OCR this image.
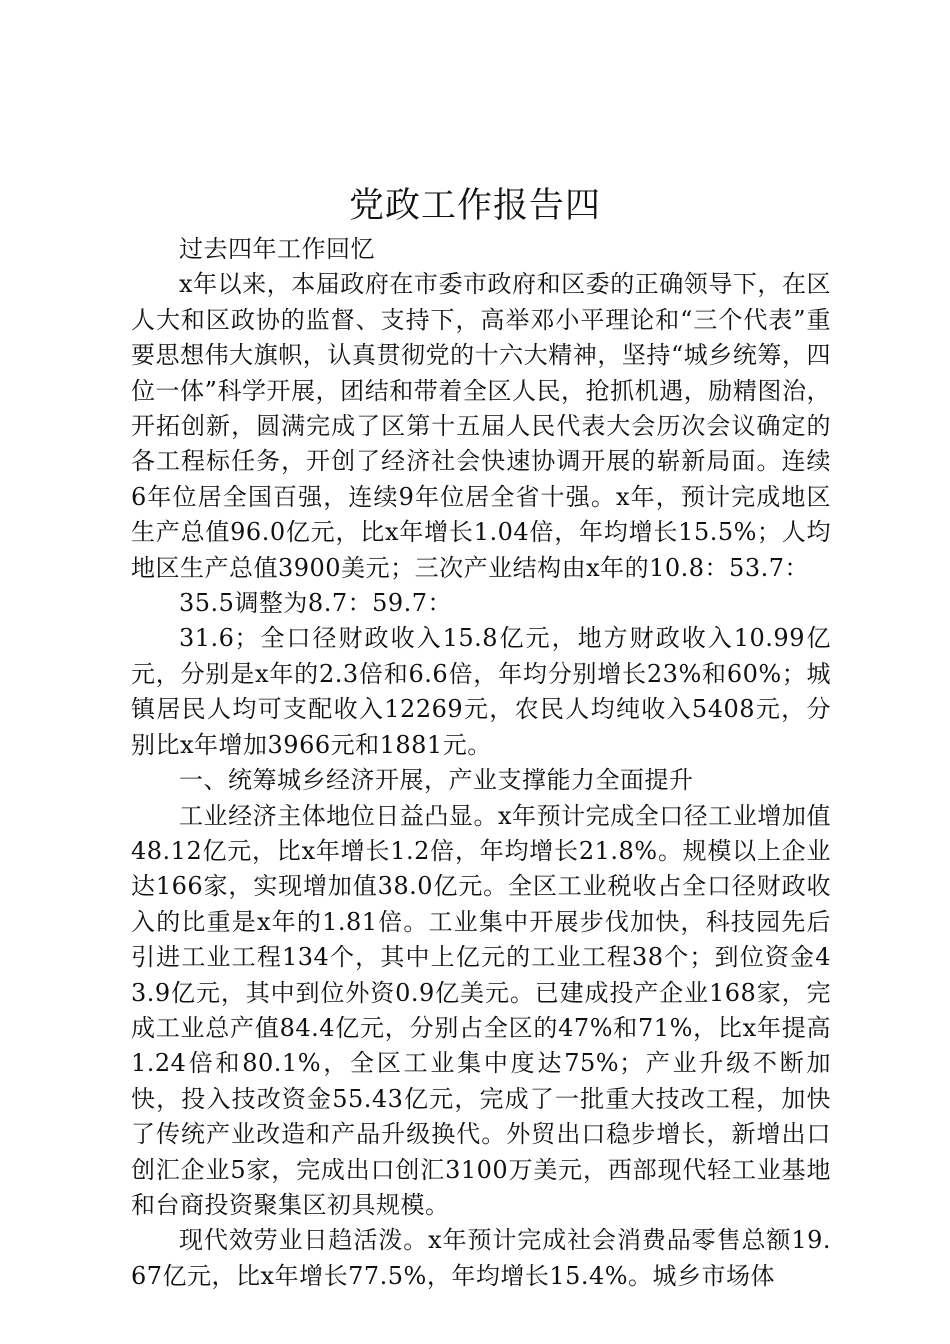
党政工作报告四

过去四年工作回忆

x年以来，本届政府在市委市政府和区委的正确领导下，在区人大和区政协的监督、支持下，高举邓小平理论和“三个代表”重要思想伟大旗帜，认真贯彻党的十六大精神，坚持“城乡统筹，四位一体”科学开展，团结和带着全区人民，抢抓机遇，励精图治，开拓创新，圆满完成了区第十五届人民代表大会历次会议确定的各工程标任务，开创了经济社会快速协调开展的崭新局面。连续6年位居全国百强，连续9年位居全省十强。x年，预计完成地区生产总值96.0亿元，比x年增长1.04倍，年均增长15.5%；人均地区生产总值3900美元；三次产业结构由x年的10.8：53.7：

35.5调整为8.7：59.7：

31.6；全口径财政收入15.8亿元，地方财政收入10.99亿元，分别是x年的2.3倍和6.6倍，年均分别增长23%和60%；城镇居民人均可支配收入12269元，农民人均纯收入5408元，分别比x年增加3966元和1881元。

一、统筹城乡经济开展，产业支撑能力全面提升

工业经济主体地位日益凸显。x年预计完成全口径工业增加值48.12亿元，比x年增长1.2倍，年均增长21.8%。规模以上企业达166家，实现增加值38.0亿元。全区工业税收占全口径财政收入的比重是x年的1.81倍。工业集中开展步伐加快，科技园先后引进工业工程134个，其中上亿元的工业工程38个；到位资金43.9亿元，其中到位外资0.9亿美元。已建成投产企业168家，完成工业总产值84.4亿元，分别占全区的47%和71%，比x年提高1.24倍和80.1%，全区工业集中度达75%；产业升级不断加快，投入技改资金55.43亿元，完成了一批重大技改工程，加快了传统产业改造和产品升级换代。外贸出口稳步增长，新增出口创汇企业5家，完成出口创汇3100万美元，西部现代轻工业基地和台商投资聚集区初具规模。

现代效劳业日趋活泼。x年预计完成社会消费品零售总额19.67亿元，比x年增长77.5%，年均增长15.4%。城乡市场体
